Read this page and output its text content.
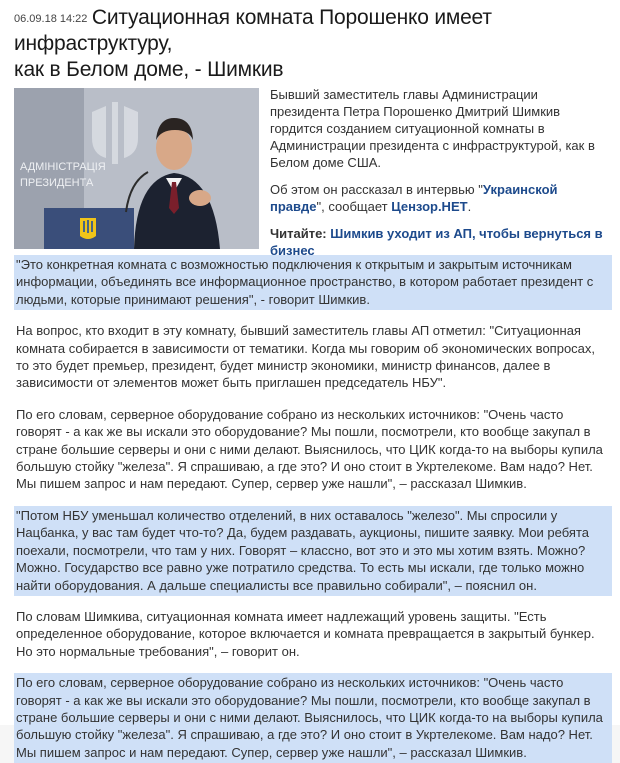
06.09.18 14:22 Ситуационная комната Порошенко имеет инфраструктуру,
как в Белом доме, - Шимкив
АДМІНІСТРАЦІЯ
ПРЕЗИДЕНТА

Бывший заместитель главы Администрации президента Петра Порошенко Дмитрий Шимкив гордится созданием ситуационной комнаты в Администрации президента с инфраструктурой, как в Белом доме США.

Об этом он рассказал в интервью "Украинской правде", сообщает Цензор.НЕТ.

Читайте: Шимкив уходит из АП, чтобы вернуться в бизнес

"Это конкретная комната с возможностью подключения к открытым и закрытым источникам информации, объединять все информационное пространство, в котором работает президент с людьми, которые принимают решения", - говорит Шимкив.

На вопрос, кто входит в эту комнату, бывший заместитель главы АП отметил: "Ситуационная комната собирается в зависимости от тематики. Когда мы говорим об экономических вопросах, то это будет премьер, президент, будет министр экономики, министр финансов, далее в зависимости от элементов может быть приглашен председатель НБУ".

По его словам, серверное оборудование собрано из нескольких источников: "Очень часто говорят - а как же вы искали это оборудование? Мы пошли, посмотрели, кто вообще закупал в стране большие серверы и они с ними делают. Выяснилось, что ЦИК когда-то на выборы купила большую стойку "железа". Я спрашиваю, а где это? И оно стоит в Укртелекоме. Вам надо? Нет. Мы пишем запрос и нам передают. Супер, сервер уже нашли", – рассказал Шимкив.

"Потом НБУ уменьшал количество отделений, в них оставалось "железо". Мы спросили у Нацбанка, у вас там будет что-то? Да, будем раздавать, аукционы, пишите заявку. Мои ребята поехали, посмотрели, что там у них. Говорят – классно, вот это и это мы хотим взять. Можно? Можно. Государство все равно уже потратило средства. То есть мы искали, где только можно найти оборудования. А дальше специалисты все правильно собирали", – пояснил он.

По словам Шимкива, ситуационная комната имеет надлежащий уровень защиты. "Есть определенное оборудование, которое включается и комната превращается в закрытый бункер. Но это нормальные требования", – говорит он.

По его словам, серверное оборудование собрано из нескольких источников: "Очень часто говорят - а как же вы искали это оборудование? Мы пошли, посмотрели, кто вообще закупал в стране большие серверы и они с ними делают. Выяснилось, что ЦИК когда-то на выборы купила большую стойку "железа". Я спрашиваю, а где это? И оно стоит в Укртелекоме. Вам надо? Нет. Мы пишем запрос и нам передают. Супер, сервер уже нашли", – рассказал Шимкив.
